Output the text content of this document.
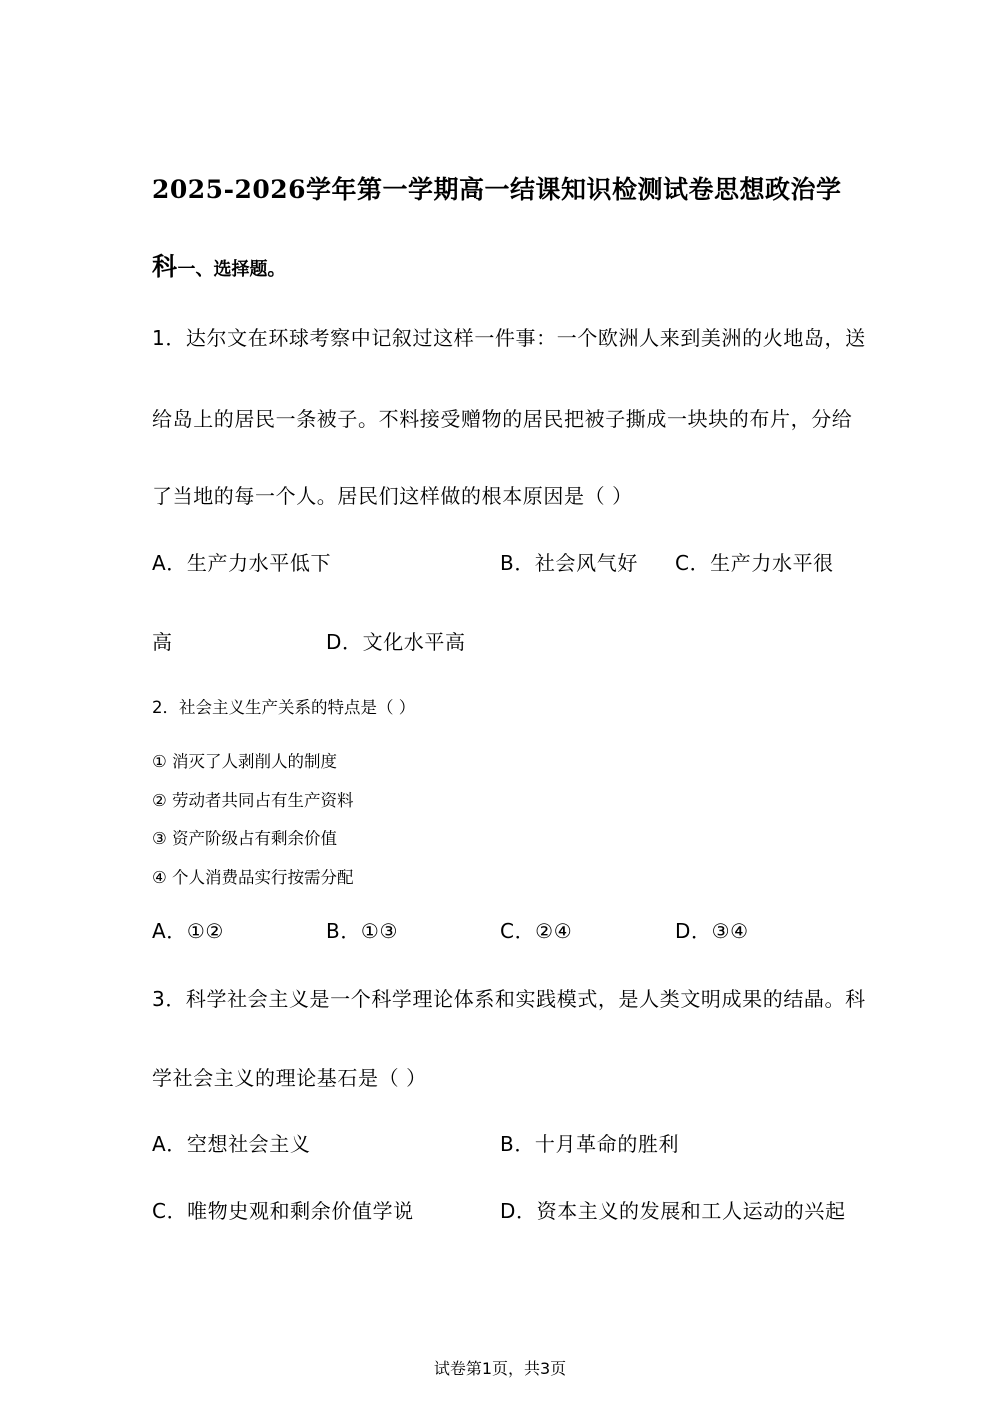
2025-2026学年第一学期高一结课知识检测试卷思想政治学
科一、选择题。
1．达尔文在环球考察中记叙过这样一件事：一个欧洲人来到美洲的火地岛，送
给岛上的居民一条被子。不料接受赠物的居民把被子撕成一块块的布片，分给
了当地的每一个人。居民们这样做的根本原因是（ ）
A．生产力水平低下	B．社会风气好 C．生产力水平很
高	D．文化水平高
2．社会主义生产关系的特点是（ ）
① 消灭了人剥削人的制度
② 劳动者共同占有生产资料
③ 资产阶级占有剩余价值
④ 个人消费品实行按需分配
A．①②	B．①③	C．②④	D．③④
3．科学社会主义是一个科学理论体系和实践模式，是人类文明成果的结晶。科
学社会主义的理论基石是（ ）
A．空想社会主义	B．十月革命的胜利
C．唯物史观和剩余价值学说	D．资本主义的发展和工人运动的兴起
试卷第1页，共3页
